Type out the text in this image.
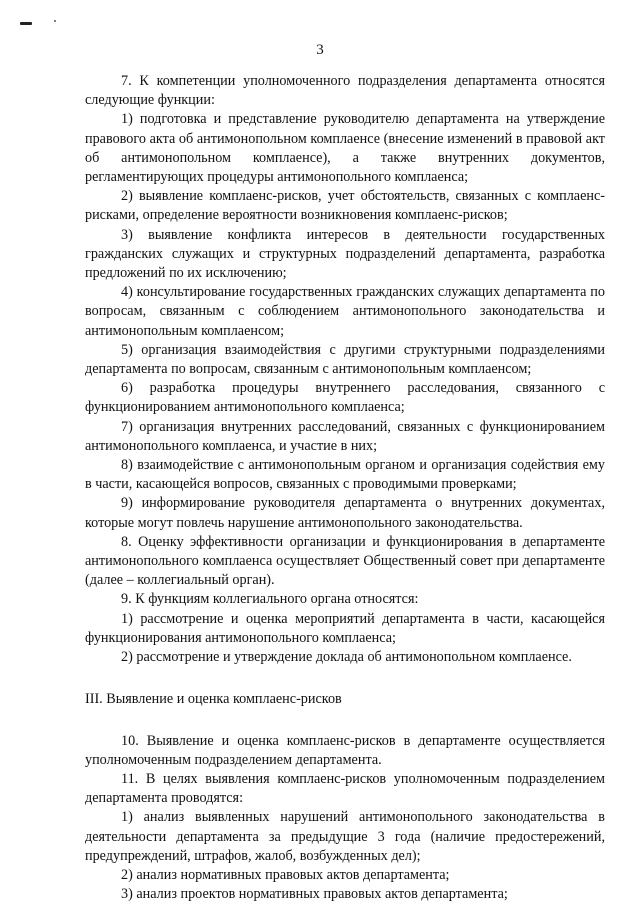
3

7. К компетенции уполномоченного подразделения департамента относятся следующие функции:

1) подготовка и представление руководителю департамента на утверждение правового акта об антимонопольном комплаенсе (внесение изменений в правовой акт об антимонопольном комплаенсе), а также внутренних документов, регламентирующих процедуры антимонопольного комплаенса;

2) выявление комплаенс-рисков, учет обстоятельств, связанных с комплаенс-рисками, определение вероятности возникновения комплаенс-рисков;

3) выявление конфликта интересов в деятельности государственных гражданских служащих и структурных подразделений департамента, разработка предложений по их исключению;

4) консультирование государственных гражданских служащих департамента по вопросам, связанным с соблюдением антимонопольного законодательства и антимонопольным комплаенсом;

5) организация взаимодействия с другими структурными подразделениями департамента по вопросам, связанным с антимонопольным комплаенсом;

6) разработка процедуры внутреннего расследования, связанного с функционированием антимонопольного комплаенса;

7) организация внутренних расследований, связанных с функционированием антимонопольного комплаенса, и участие в них;

8) взаимодействие с антимонопольным органом и организация содействия ему в части, касающейся вопросов, связанных с проводимыми проверками;

9) информирование руководителя департамента о внутренних документах, которые могут повлечь нарушение антимонопольного законодательства.

8. Оценку эффективности организации и функционирования в департаменте антимонопольного комплаенса осуществляет Общественный совет при департаменте (далее – коллегиальный орган).

9. К функциям коллегиального органа относятся:

1) рассмотрение и оценка мероприятий департамента в части, касающейся функционирования антимонопольного комплаенса;

2) рассмотрение и утверждение доклада об антимонопольном комплаенсе.

III. Выявление и оценка комплаенс-рисков

10. Выявление и оценка комплаенс-рисков в департаменте осуществляется уполномоченным подразделением департамента.

11. В целях выявления комплаенс-рисков уполномоченным подразделением департамента проводятся:

1) анализ выявленных нарушений антимонопольного законодательства в деятельности департамента за предыдущие 3 года (наличие предостережений, предупреждений, штрафов, жалоб, возбужденных дел);

2) анализ нормативных правовых актов департамента;

3) анализ проектов нормативных правовых актов департамента;
